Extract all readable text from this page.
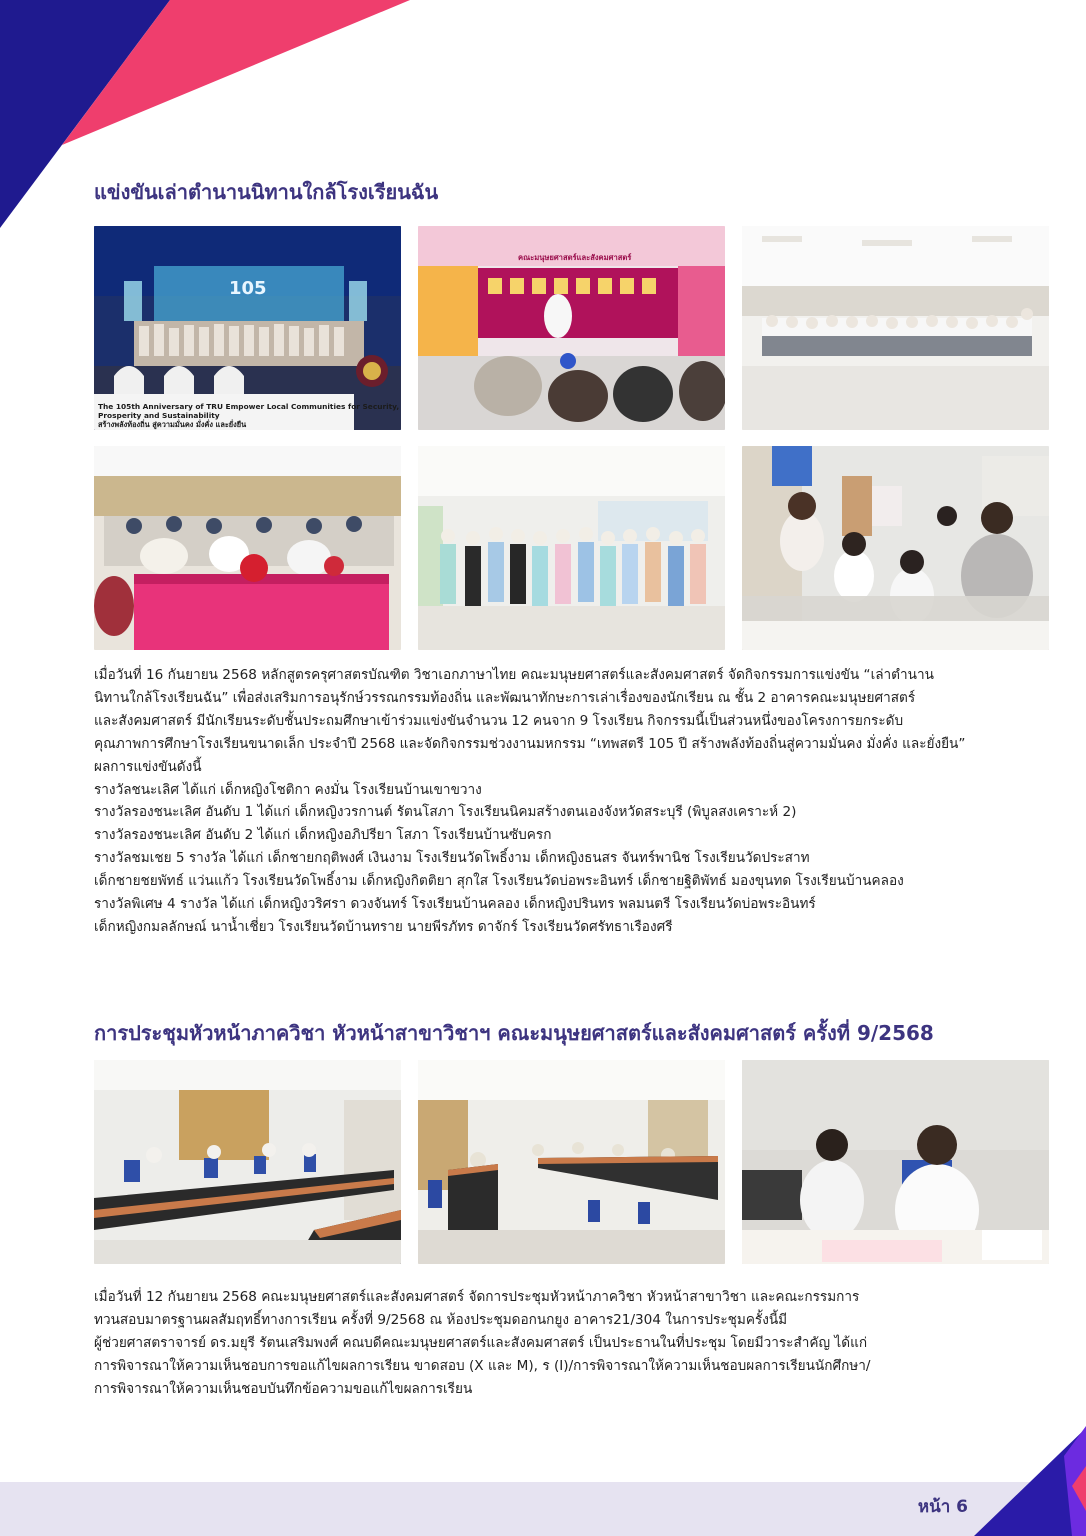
หน้า 6
แข่งขันเล่าตำนานนิทานใกล้โรงเรียนฉัน
105
The 105th Anniversary of TRU Empower Local Communities for Security,
Prosperity and Sustainability
สร้างพลังท้องถิ่น สู่ความมั่นคง มั่งคั่ง และยั่งยืน
คณะมนุษยศาสตร์และสังคมศาสตร์
เมื่อวันที่ 16 กันยายน 2568 หลักสูตรครุศาสตรบัณฑิต วิชาเอกภาษาไทย คณะมนุษยศาสตร์และสังคมศาสตร์ จัดกิจกรรมการแข่งขัน “เล่าตำนาน
นิทานใกล้โรงเรียนฉัน” เพื่อส่งเสริมการอนุรักษ์วรรณกรรมท้องถิ่น และพัฒนาทักษะการเล่าเรื่องของนักเรียน ณ ชั้น 2 อาคารคณะมนุษยศาสตร์
และสังคมศาสตร์ มีนักเรียนระดับชั้นประถมศึกษาเข้าร่วมแข่งขันจำนวน 12 คนจาก 9 โรงเรียน กิจกรรมนี้เป็นส่วนหนึ่งของโครงการยกระดับ
คุณภาพการศึกษาโรงเรียนขนาดเล็ก ประจำปี 2568 และจัดกิจกรรมช่วงงานมหกรรม “เทพสตรี 105 ปี สร้างพลังท้องถิ่นสู่ความมั่นคง มั่งคั่ง และยั่งยืน”
ผลการแข่งขันดังนี้
รางวัลชนะเลิศ ได้แก่ เด็กหญิงโชติกา คงมั่น โรงเรียนบ้านเขาขวาง
รางวัลรองชนะเลิศ อันดับ 1 ได้แก่ เด็กหญิงวรกานต์ รัตนโสภา โรงเรียนนิคมสร้างตนเองจังหวัดสระบุรี (พิบูลสงเคราะห์ 2)
รางวัลรองชนะเลิศ อันดับ 2 ได้แก่ เด็กหญิงอภิปรียา โสภา โรงเรียนบ้านซับครก
รางวัลชมเชย 5 รางวัล ได้แก่ เด็กชายกฤติพงศ์ เงินงาม โรงเรียนวัดโพธิ์งาม เด็กหญิงธนสร จันทร์พานิช โรงเรียนวัดประสาท
เด็กชายชยพัทธ์ แว่นแก้ว โรงเรียนวัดโพธิ์งาม เด็กหญิงกิตติยา สุกใส โรงเรียนวัดบ่อพระอินทร์ เด็กชายฐิติพัทธ์ มองขุนทด โรงเรียนบ้านคลอง
รางวัลพิเศษ 4 รางวัล ได้แก่ เด็กหญิงวริศรา ดวงจันทร์ โรงเรียนบ้านคลอง เด็กหญิงปรินทร พลมนตรี โรงเรียนวัดบ่อพระอินทร์
เด็กหญิงกมลลักษณ์ นาน้ำเชี่ยว โรงเรียนวัดบ้านทราย นายพีรภัทร ดาจักร์ โรงเรียนวัดศรัทธาเรืองศรี
การประชุมหัวหน้าภาควิชา หัวหน้าสาขาวิชาฯ คณะมนุษยศาสตร์และสังคมศาสตร์ ครั้งที่ 9/2568
เมื่อวันที่ 12 กันยายน 2568 คณะมนุษยศาสตร์และสังคมศาสตร์ จัดการประชุมหัวหน้าภาควิชา หัวหน้าสาขาวิชา และคณะกรรมการ
ทวนสอบมาตรฐานผลสัมฤทธิ์ทางการเรียน ครั้งที่ 9/2568 ณ ห้องประชุมดอกนกยูง อาคาร21/304 ในการประชุมครั้งนี้มี
ผู้ช่วยศาสตราจารย์ ดร.มยุรี รัตนเสริมพงศ์ คณบดีคณะมนุษยศาสตร์และสังคมศาสตร์ เป็นประธานในที่ประชุม โดยมีวาระสำคัญ ได้แก่
การพิจารณาให้ความเห็นชอบการขอแก้ไขผลการเรียน ขาดสอบ (X และ M), ร (I)/การพิจารณาให้ความเห็นชอบผลการเรียนนักศึกษา/
การพิจารณาให้ความเห็นชอบบันทึกข้อความขอแก้ไขผลการเรียน
